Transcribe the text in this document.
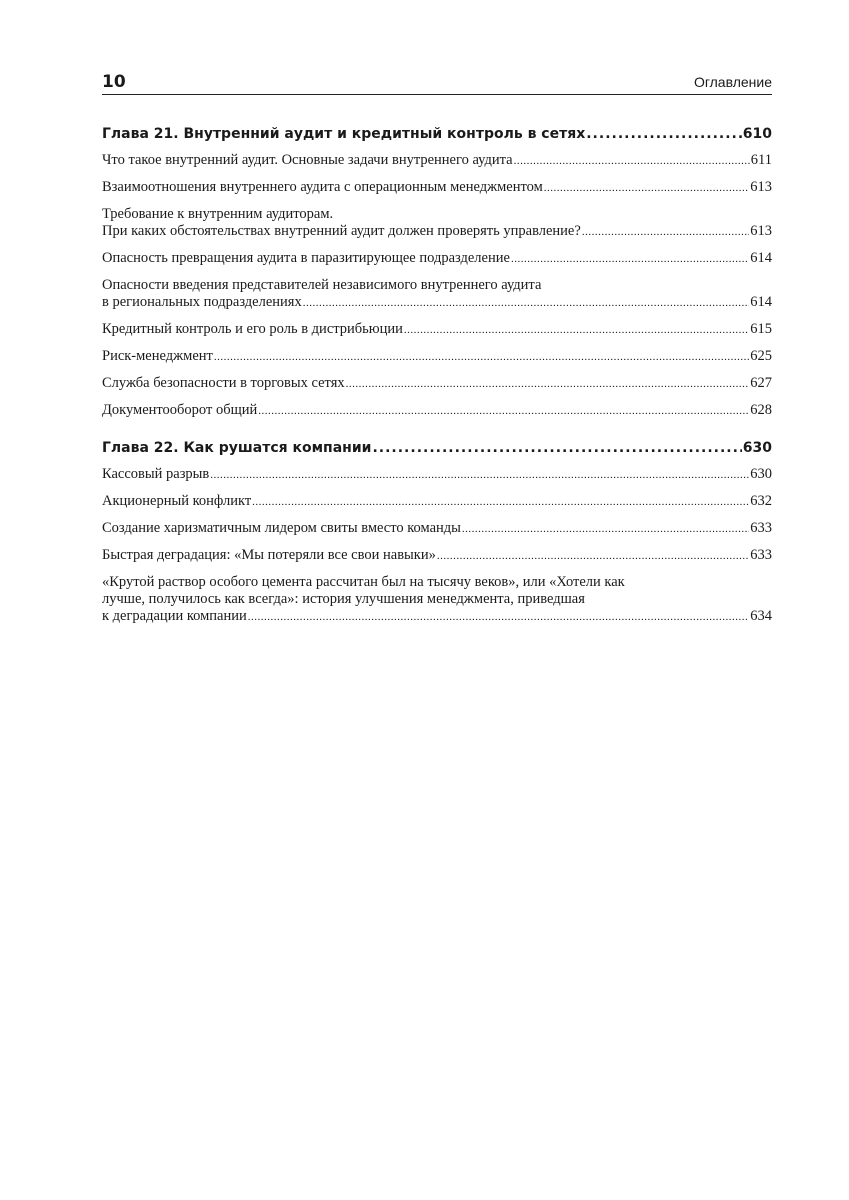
10	Оглавление
Глава 21. Внутренний аудит и кредитный контроль в сетях .....	610
Что такое внутренний аудит. Основные задачи внутреннего аудита .....	611
Взаимоотношения внутреннего аудита с операционным менеджментом .....	613
Требование к внутренним аудиторам.
При каких обстоятельствах внутренний аудит должен проверять управление? .....	613
Опасность превращения аудита в паразитирующее подразделение .....	614
Опасности введения представителей независимого внутреннего аудита
в региональных подразделениях .....	614
Кредитный контроль и его роль в дистрибьюции .....	615
Риск-менеджмент .....	625
Служба безопасности в торговых сетях .....	627
Документооборот общий .....	628
Глава 22. Как рушатся компании .....	630
Кассовый разрыв .....	630
Акционерный конфликт .....	632
Создание харизматичным лидером свиты вместо команды .....	633
Быстрая деградация: «Мы потеряли все свои навыки» .....	633
«Крутой раствор особого цемента рассчитан был на тысячу веков», или «Хотели как
лучше, получилось как всегда»: история улучшения менеджмента, приведшая
к деградации компании .....	634
